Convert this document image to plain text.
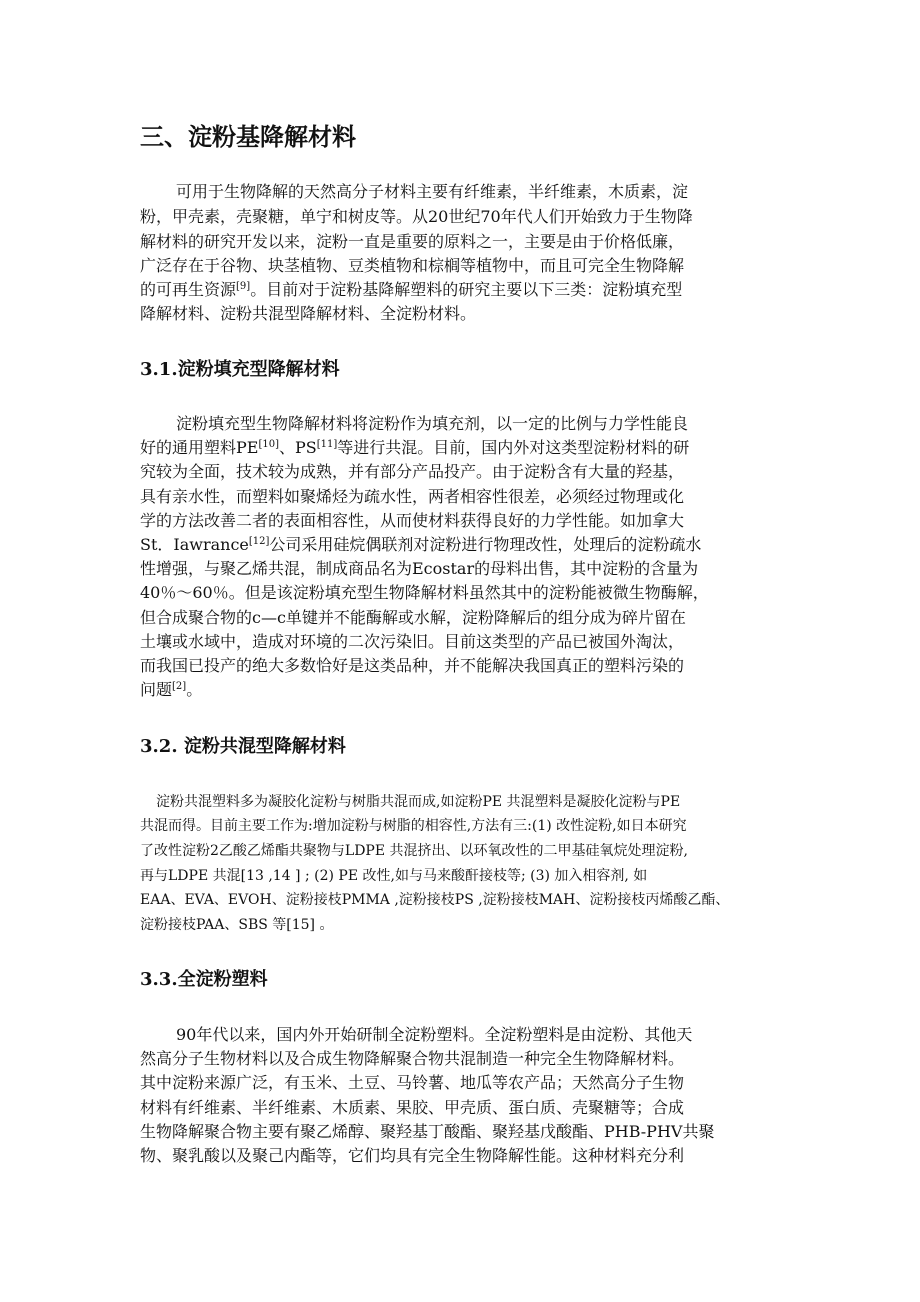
三、淀粉基降解材料

可用于生物降解的天然高分子材料主要有纤维素，半纤维素，木质素，淀

粉，甲壳素，壳聚糖，单宁和树皮等。从20世纪70年代人们开始致力于生物降

解材料的研究开发以来，淀粉一直是重要的原料之一，主要是由于价格低廉，

广泛存在于谷物、块茎植物、豆类植物和棕榈等植物中，而且可完全生物降解

的可再生资源[9]。目前对于淀粉基降解塑料的研究主要以下三类：淀粉填充型

降解材料、淀粉共混型降解材料、全淀粉材料。

3.1.淀粉填充型降解材料

淀粉填充型生物降解材料将淀粉作为填充剂，以一定的比例与力学性能良

好的通用塑料PE[10]、PS[11]等进行共混。目前，国内外对这类型淀粉材料的研

究较为全面，技术较为成熟，并有部分产品投产。由于淀粉含有大量的羟基，

具有亲水性，而塑料如聚烯烃为疏水性，两者相容性很差，必须经过物理或化

学的方法改善二者的表面相容性，从而使材料获得良好的力学性能。如加拿大

St．Iawrance[12]公司采用硅烷偶联剂对淀粉进行物理改性，处理后的淀粉疏水

性增强，与聚乙烯共混，制成商品名为Ecostar的母料出售，其中淀粉的含量为

40％～60％。但是该淀粉填充型生物降解材料虽然其中的淀粉能被微生物酶解，

但合成聚合物的c—c单键并不能酶解或水解，淀粉降解后的组分成为碎片留在

土壤或水域中，造成对环境的二次污染旧。目前这类型的产品已被国外淘汰，

而我国已投产的绝大多数恰好是这类品种，并不能解决我国真正的塑料污染的

问题[2]。

3.2. 淀粉共混型降解材料

淀粉共混塑料多为凝胶化淀粉与树脂共混而成,如淀粉PE 共混塑料是凝胶化淀粉与PE

共混而得。目前主要工作为:增加淀粉与树脂的相容性,方法有三:(1) 改性淀粉,如日本研究

了改性淀粉2乙酸乙烯酯共聚物与LDPE 共混挤出、以环氧改性的二甲基硅氧烷处理淀粉,

再与LDPE 共混[13 ,14 ] ; (2) PE 改性,如与马来酸酐接枝等; (3) 加入相容剂, 如

EAA、EVA、EVOH、淀粉接枝PMMA ,淀粉接枝PS ,淀粉接枝MAH、淀粉接枝丙烯酸乙酯、

淀粉接枝PAA、SBS 等[15] 。

3.3.全淀粉塑料

90年代以来，国内外开始研制全淀粉塑料。全淀粉塑料是由淀粉、其他天

然高分子生物材料以及合成生物降解聚合物共混制造一种完全生物降解材料。

其中淀粉来源广泛，有玉米、土豆、马铃薯、地瓜等农产品；天然高分子生物

材料有纤维素、半纤维素、木质素、果胶、甲壳质、蛋白质、壳聚糖等；合成

生物降解聚合物主要有聚乙烯醇、聚羟基丁酸酯、聚羟基戊酸酯、PHB-PHV共聚

物、聚乳酸以及聚己内酯等，它们均具有完全生物降解性能。这种材料充分利
